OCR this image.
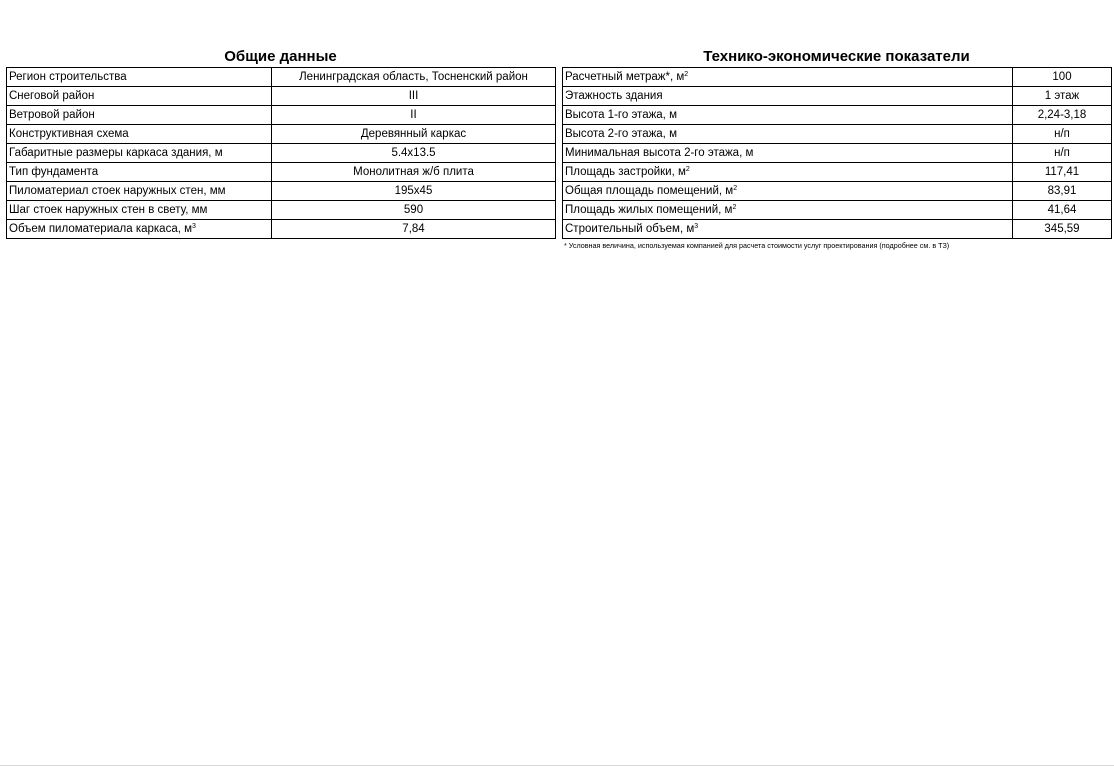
Общие данные
Регион строительства	Ленинградская область, Тосненский район
Снеговой район	III
Ветровой район	II
Конструктивная схема	Деревянный каркас
Габаритные размеры каркаса здания, м	5.4x13.5
Тип фундамента	Монолитная ж/б плита
Пиломатериал стоек наружных стен, мм	195x45
Шаг стоек наружных стен в свету, мм	590
Объем пиломатериала каркаса, $м^3$	7,84
Технико-экономические показатели
Расчетный метраж*, $м^2$	100
Этажность здания	1 этаж
Высота 1-го этажа, м	2,24-3,18
Высота 2-го этажа, м	н/п
Минимальная высота 2-го этажа, м	н/п
Площадь застройки, $м^2$	117,41
Общая площадь помещений, $м^2$	83,91
Площадь жилых помещений, $м^2$	41,64
Строительный объем, $м^3$	345,59
* Условная величина, используемая компанией для расчета стоимости услуг проектирования (подробнее см. в ТЗ)
